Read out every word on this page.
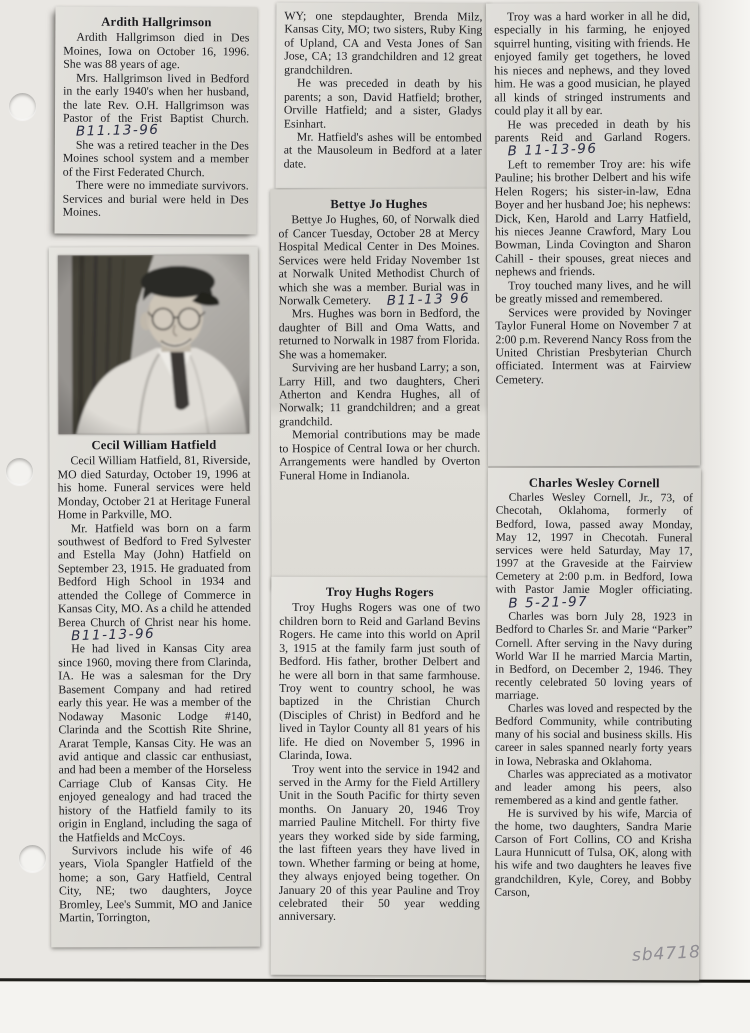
Ardith Hallgrimson

Ardith Hallgrimson died in Des Moines, Iowa on October 16, 1996. She was 88 years of age.

Mrs. Hallgrimson lived in Bedford in the early 1940's when her husband, the late Rev. O.H. Hallgrimson was Pastor of the Frist Baptist Church. B11.13-96

She was a retired teacher in the Des Moines school system and a member of the First Federated Church.

There were no immediate survivors. Services and burial were held in Des Moines.

Cecil William Hatfield

Cecil William Hatfield, 81, Riverside, MO died Saturday, October 19, 1996 at his home. Funeral services were held Monday, October 21 at Heritage Funeral Home in Parkville, MO.

Mr. Hatfield was born on a farm southwest of Bedford to Fred Sylvester and Estella May (John) Hatfield on September 23, 1915. He graduated from Bedford High School in 1934 and attended the College of Commerce in Kansas City, MO. As a child he attended Berea Church of Christ near his home. B11-13-96

He had lived in Kansas City area since 1960, moving there from Clarinda, IA. He was a salesman for the Dry Basement Company and had retired early this year. He was a member of the Nodaway Masonic Lodge #140, Clarinda and the Scottish Rite Shrine, Ararat Temple, Kansas City. He was an avid antique and classic car enthusiast, and had been a member of the Horseless Carriage Club of Kansas City. He enjoyed genealogy and had traced the history of the Hatfield family to its origin in England, including the saga of the Hatfields and McCoys.

Survivors include his wife of 46 years, Viola Spangler Hatfield of the home; a son, Gary Hatfield, Central City, NE; two daughters, Joyce Bromley, Lee's Summit, MO and Janice Martin, Torrington,

WY; one stepdaughter, Brenda Milz, Kansas City, MO; two sisters, Ruby King of Upland, CA and Vesta Jones of San Jose, CA; 13 grandchildren and 12 great grandchildren.

He was preceded in death by his parents; a son, David Hatfield; brother, Orville Hatfield; and a sister, Gladys Esinhart.

Mr. Hatfield's ashes will be entombed at the Mausoleum in Bedford at a later date.

Bettye Jo Hughes

Bettye Jo Hughes, 60, of Norwalk died of Cancer Tuesday, October 28 at Mercy Hospital Medical Center in Des Moines. Services were held Friday November 1st at Norwalk United Methodist Church of which she was a member. Burial was in Norwalk Cemetery. B11-13 96

Mrs. Hughes was born in Bedford, the daughter of Bill and Oma Watts, and returned to Norwalk in 1987 from Florida. She was a homemaker.

Surviving are her husband Larry; a son, Larry Hill, and two daughters, Cheri Atherton and Kendra Hughes, all of Norwalk; 11 grandchildren; and a great grandchild.

Memorial contributions may be made to Hospice of Central Iowa or her church. Arrangements were handled by Overton Funeral Home in Indianola.

Troy Hughs Rogers

Troy Hughs Rogers was one of two children born to Reid and Garland Bevins Rogers. He came into this world on April 3, 1915 at the family farm just south of Bedford. His father, brother Delbert and he were all born in that same farmhouse. Troy went to country school, he was baptized in the Christian Church (Disciples of Christ) in Bedford and he lived in Taylor County all 81 years of his life. He died on November 5, 1996 in Clarinda, Iowa.

Troy went into the service in 1942 and served in the Army for the Field Artillery Unit in the South Pacific for thirty seven months. On January 20, 1946 Troy married Pauline Mitchell. For thirty five years they worked side by side farming, the last fifteen years they have lived in town. Whether farming or being at home, they always enjoyed being together. On January 20 of this year Pauline and Troy celebrated their 50 year wedding anniversary.

Troy was a hard worker in all he did, especially in his farming, he enjoyed squirrel hunting, visiting with friends. He enjoyed family get togethers, he loved his nieces and nephews, and they loved him. He was a good musician, he played all kinds of stringed instruments and could play it all by ear.

He was preceded in death by his parents Reid and Garland Rogers. B 11-13-96

Left to remember Troy are: his wife Pauline; his brother Delbert and his wife Helen Rogers; his sister-in-law, Edna Boyer and her husband Joe; his nephews: Dick, Ken, Harold and Larry Hatfield, his nieces Jeanne Crawford, Mary Lou Bowman, Linda Covington and Sharon Cahill - their spouses, great nieces and nephews and friends.

Troy touched many lives, and he will be greatly missed and remembered.

Services were provided by Novinger Taylor Funeral Home on November 7 at 2:00 p.m. Reverend Nancy Ross from the United Christian Presbyterian Church officiated. Interment was at Fairview Cemetery.

Charles Wesley Cornell

Charles Wesley Cornell, Jr., 73, of Checotah, Oklahoma, formerly of Bedford, Iowa, passed away Monday, May 12, 1997 in Checotah. Funeral services were held Saturday, May 17, 1997 at the Graveside at the Fairview Cemetery at 2:00 p.m. in Bedford, Iowa with Pastor Jamie Mogler officiating. B 5-21-97

Charles was born July 28, 1923 in Bedford to Charles Sr. and Marie “Parker” Cornell. After serving in the Navy during World War II he married Marcia Martin, in Bedford, on December 2, 1946. They recently celebrated 50 loving years of marriage.

Charles was loved and respected by the Bedford Community, while contributing many of his social and business skills. His career in sales spanned nearly forty years in Iowa, Nebraska and Oklahoma.

Charles was appreciated as a motivator and leader among his peers, also remembered as a kind and gentle father.

He is survived by his wife, Marcia of the home, two daughters, Sandra Marie Carson of Fort Collins, CO and Krisha Laura Hunnicutt of Tulsa, OK, along with his wife and two daughters he leaves five grandchildren, Kyle, Corey, and Bobby Carson,

sb4718
